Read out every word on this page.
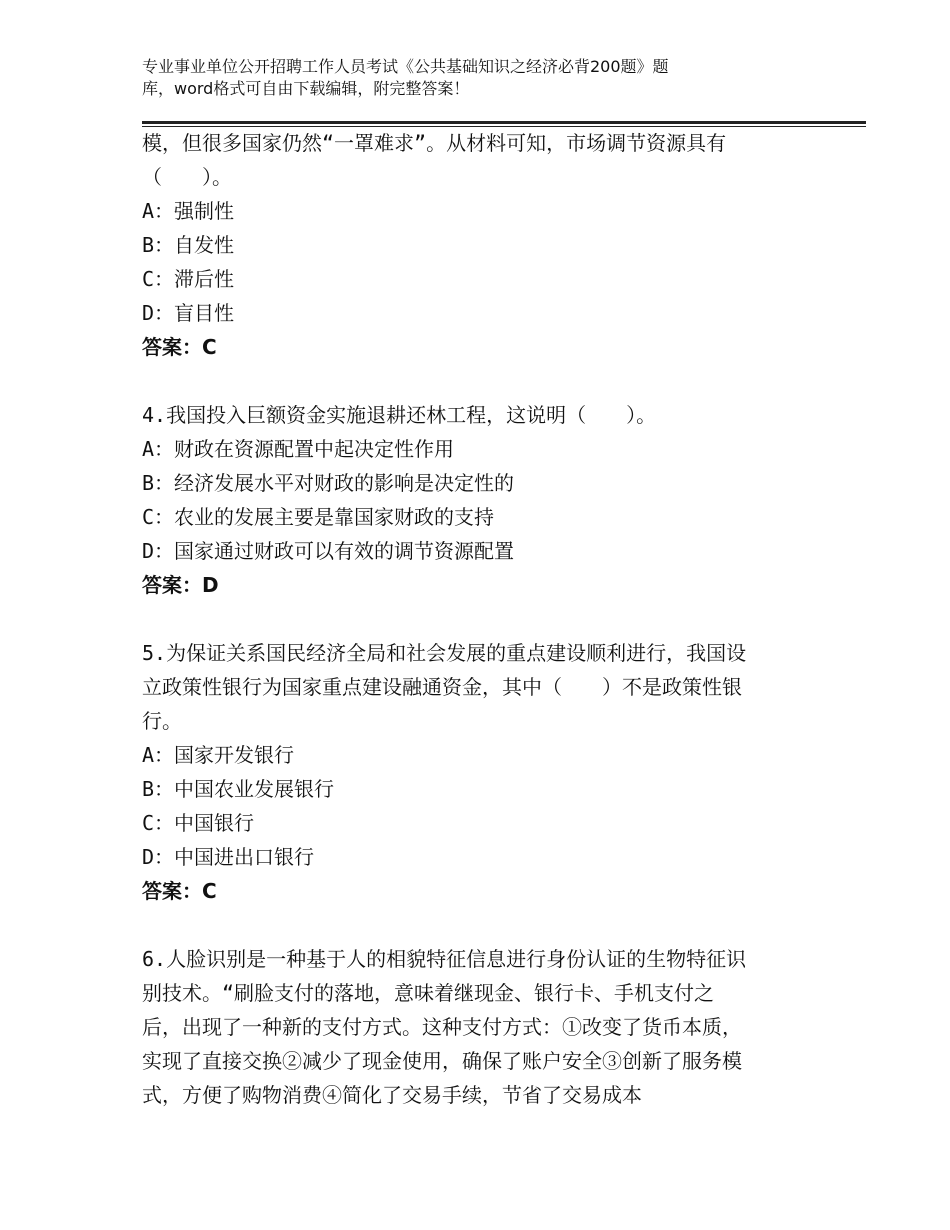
专业事业单位公开招聘工作人员考试《公共基础知识之经济必背200题》题
库，word格式可自由下载编辑，附完整答案！
模，但很多国家仍然“一罩难求”。从材料可知，市场调节资源具有
（　　）。
A：强制性
B：自发性
C：滞后性
D：盲目性
答案：C
4.我国投入巨额资金实施退耕还林工程，这说明（　　）。
A：财政在资源配置中起决定性作用
B：经济发展水平对财政的影响是决定性的
C：农业的发展主要是靠国家财政的支持
D：国家通过财政可以有效的调节资源配置
答案：D
5.为保证关系国民经济全局和社会发展的重点建设顺利进行，我国设
立政策性银行为国家重点建设融通资金，其中（　　）不是政策性银
行。
A：国家开发银行
B：中国农业发展银行
C：中国银行
D：中国进出口银行
答案：C
6.人脸识别是一种基于人的相貌特征信息进行身份认证的生物特征识
别技术。“刷脸支付的落地，意味着继现金、银行卡、手机支付之
后，出现了一种新的支付方式。这种支付方式：①改变了货币本质，
实现了直接交换②减少了现金使用，确保了账户安全③创新了服务模
式，方便了购物消费④简化了交易手续，节省了交易成本
